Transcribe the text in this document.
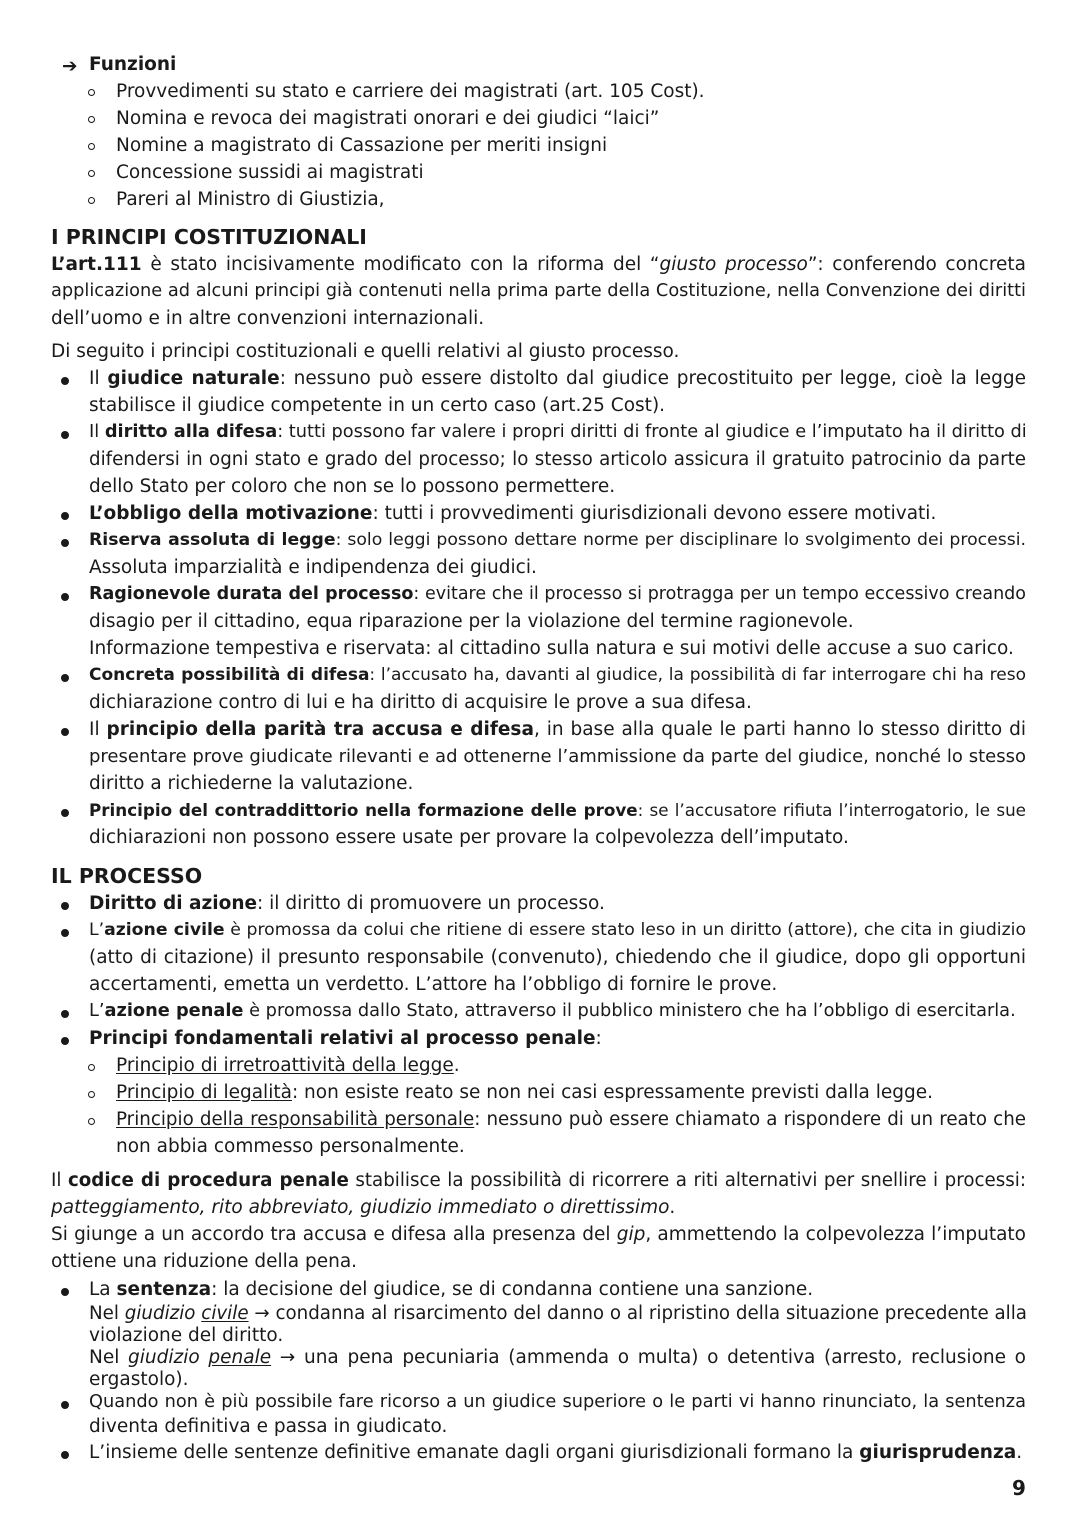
➔ Funzioni
Provvedimenti su stato e carriere dei magistrati (art. 105 Cost).
Nomina e revoca dei magistrati onorari e dei giudici “laici”
Nomine a magistrato di Cassazione per meriti insigni
Concessione sussidi ai magistrati
Pareri al Ministro di Giustizia,
I PRINCIPI COSTITUZIONALI
L’art.111 è stato incisivamente modificato con la riforma del “giusto processo”: conferendo concreta
applicazione ad alcuni principi già contenuti nella prima parte della Costituzione, nella Convenzione dei diritti
dell’uomo e in altre convenzioni internazionali.
Di seguito i principi costituzionali e quelli relativi al giusto processo.
Il giudice naturale: nessuno può essere distolto dal giudice precostituito per legge, cioè la legge
stabilisce il giudice competente in un certo caso (art.25 Cost).
Il diritto alla difesa: tutti possono far valere i propri diritti di fronte al giudice e l’imputato ha il diritto di
difendersi in ogni stato e grado del processo; lo stesso articolo assicura il gratuito patrocinio da parte
dello Stato per coloro che non se lo possono permettere.
L’obbligo della motivazione: tutti i provvedimenti giurisdizionali devono essere motivati.
Riserva assoluta di legge: solo leggi possono dettare norme per disciplinare lo svolgimento dei processi.
Assoluta imparzialità e indipendenza dei giudici.
Ragionevole durata del processo: evitare che il processo si protragga per un tempo eccessivo creando
disagio per il cittadino, equa riparazione per la violazione del termine ragionevole.
Informazione tempestiva e riservata: al cittadino sulla natura e sui motivi delle accuse a suo carico.
Concreta possibilità di difesa: l’accusato ha, davanti al giudice, la possibilità di far interrogare chi ha reso
dichiarazione contro di lui e ha diritto di acquisire le prove a sua difesa.
Il principio della parità tra accusa e difesa, in base alla quale le parti hanno lo stesso diritto di
presentare prove giudicate rilevanti e ad ottenerne l’ammissione da parte del giudice, nonché lo stesso
diritto a richiederne la valutazione.
Principio del contraddittorio nella formazione delle prove: se l’accusatore rifiuta l’interrogatorio, le sue
dichiarazioni non possono essere usate per provare la colpevolezza dell’imputato.
IL PROCESSO
Diritto di azione: il diritto di promuovere un processo.
L’azione civile è promossa da colui che ritiene di essere stato leso in un diritto (attore), che cita in giudizio
(atto di citazione) il presunto responsabile (convenuto), chiedendo che il giudice, dopo gli opportuni
accertamenti, emetta un verdetto. L’attore ha l’obbligo di fornire le prove.
L’azione penale è promossa dallo Stato, attraverso il pubblico ministero che ha l’obbligo di esercitarla.
Principi fondamentali relativi al processo penale:
Principio di irretroattività della legge.
Principio di legalità: non esiste reato se non nei casi espressamente previsti dalla legge.
Principio della responsabilità personale: nessuno può essere chiamato a rispondere di un reato che
non abbia commesso personalmente.
Il codice di procedura penale stabilisce la possibilità di ricorrere a riti alternativi per snellire i processi:
patteggiamento, rito abbreviato, giudizio immediato o direttissimo.
Si giunge a un accordo tra accusa e difesa alla presenza del gip, ammettendo la colpevolezza l’imputato
ottiene una riduzione della pena.
La sentenza: la decisione del giudice, se di condanna contiene una sanzione.
Nel giudizio civile → condanna al risarcimento del danno o al ripristino della situazione precedente alla
violazione del diritto.
Nel giudizio penale → una pena pecuniaria (ammenda o multa) o detentiva (arresto, reclusione o
ergastolo).
Quando non è più possibile fare ricorso a un giudice superiore o le parti vi hanno rinunciato, la sentenza
diventa definitiva e passa in giudicato.
L’insieme delle sentenze definitive emanate dagli organi giurisdizionali formano la giurisprudenza.
9
